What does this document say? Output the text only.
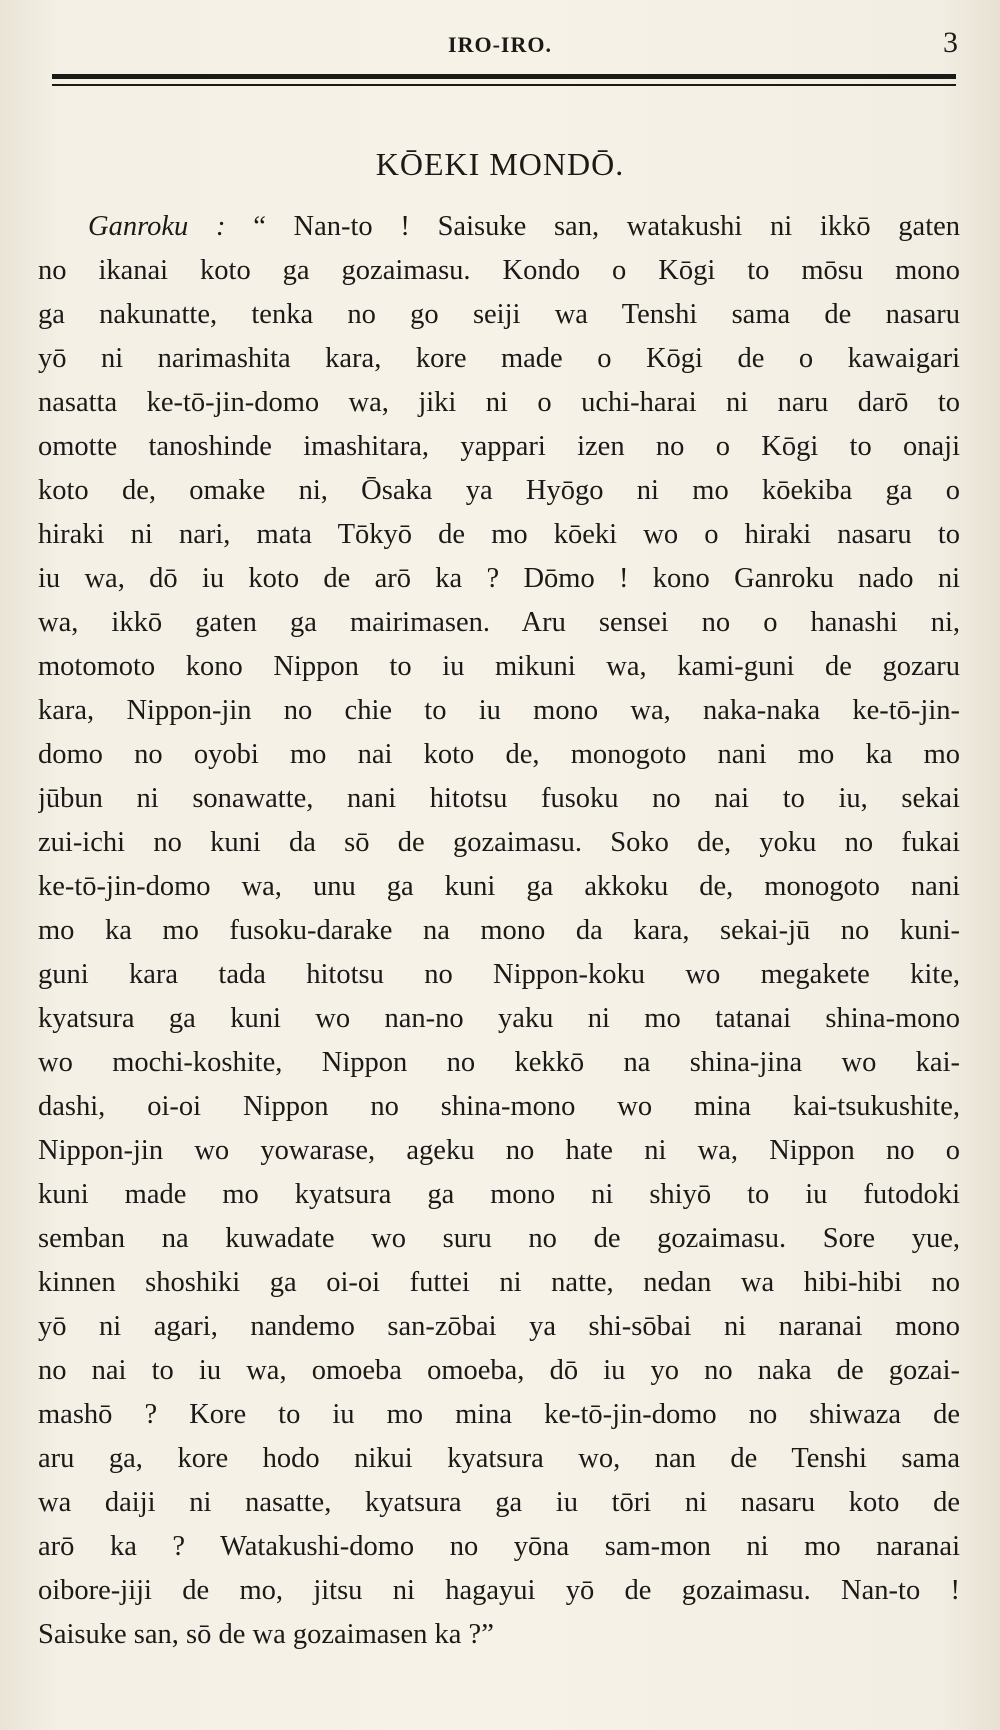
IRO-IRO.	3
KŌEKI MONDŌ.
Ganroku : “ Nan-to ! Saisuke san, watakushi ni ikkō gaten
no ikanai koto ga gozaimasu. Kondo o Kōgi to mōsu mono
ga nakunatte, tenka no go seiji wa Tenshi sama de nasaru
yō ni narimashita kara, kore made o Kōgi de o kawaigari
nasatta ke-tō-jin-domo wa, jiki ni o uchi-harai ni naru darō to
omotte tanoshinde imashitara, yappari izen no o Kōgi to onaji
koto de, omake ni, Ōsaka ya Hyōgo ni mo kōekiba ga o
hiraki ni nari, mata Tōkyō de mo kōeki wo o hiraki nasaru to
iu wa, dō iu koto de arō ka ? Dōmo ! kono Ganroku nado ni
wa, ikkō gaten ga mairimasen. Aru sensei no o hanashi ni,
motomoto kono Nippon to iu mikuni wa, kami-guni de gozaru
kara, Nippon-jin no chie to iu mono wa, naka-naka ke-tō-jin-
domo no oyobi mo nai koto de, monogoto nani mo ka mo
jūbun ni sonawatte, nani hitotsu fusoku no nai to iu, sekai
zui-ichi no kuni da sō de gozaimasu. Soko de, yoku no fukai
ke-tō-jin-domo wa, unu ga kuni ga akkoku de, monogoto nani
mo ka mo fusoku-darake na mono da kara, sekai-jū no kuni-
guni kara tada hitotsu no Nippon-koku wo megakete kite,
kyatsura ga kuni wo nan-no yaku ni mo tatanai shina-mono
wo mochi-koshite, Nippon no kekkō na shina-jina wo kai-
dashi, oi-oi Nippon no shina-mono wo mina kai-tsukushite,
Nippon-jin wo yowarase, ageku no hate ni wa, Nippon no o
kuni made mo kyatsura ga mono ni shiyō to iu futodoki
semban na kuwadate wo suru no de gozaimasu. Sore yue,
kinnen shoshiki ga oi-oi futtei ni natte, nedan wa hibi-hibi no
yō ni agari, nandemo san-zōbai ya shi-sōbai ni naranai mono
no nai to iu wa, omoeba omoeba, dō iu yo no naka de gozai-
mashō ? Kore to iu mo mina ke-tō-jin-domo no shiwaza de
aru ga, kore hodo nikui kyatsura wo, nan de Tenshi sama
wa daiji ni nasatte, kyatsura ga iu tōri ni nasaru koto de
arō ka ? Watakushi-domo no yōna sam-mon ni mo naranai
oibore-jiji de mo, jitsu ni hagayui yō de gozaimasu. Nan-to !
Saisuke san, sō de wa gozaimasen ka ?”
